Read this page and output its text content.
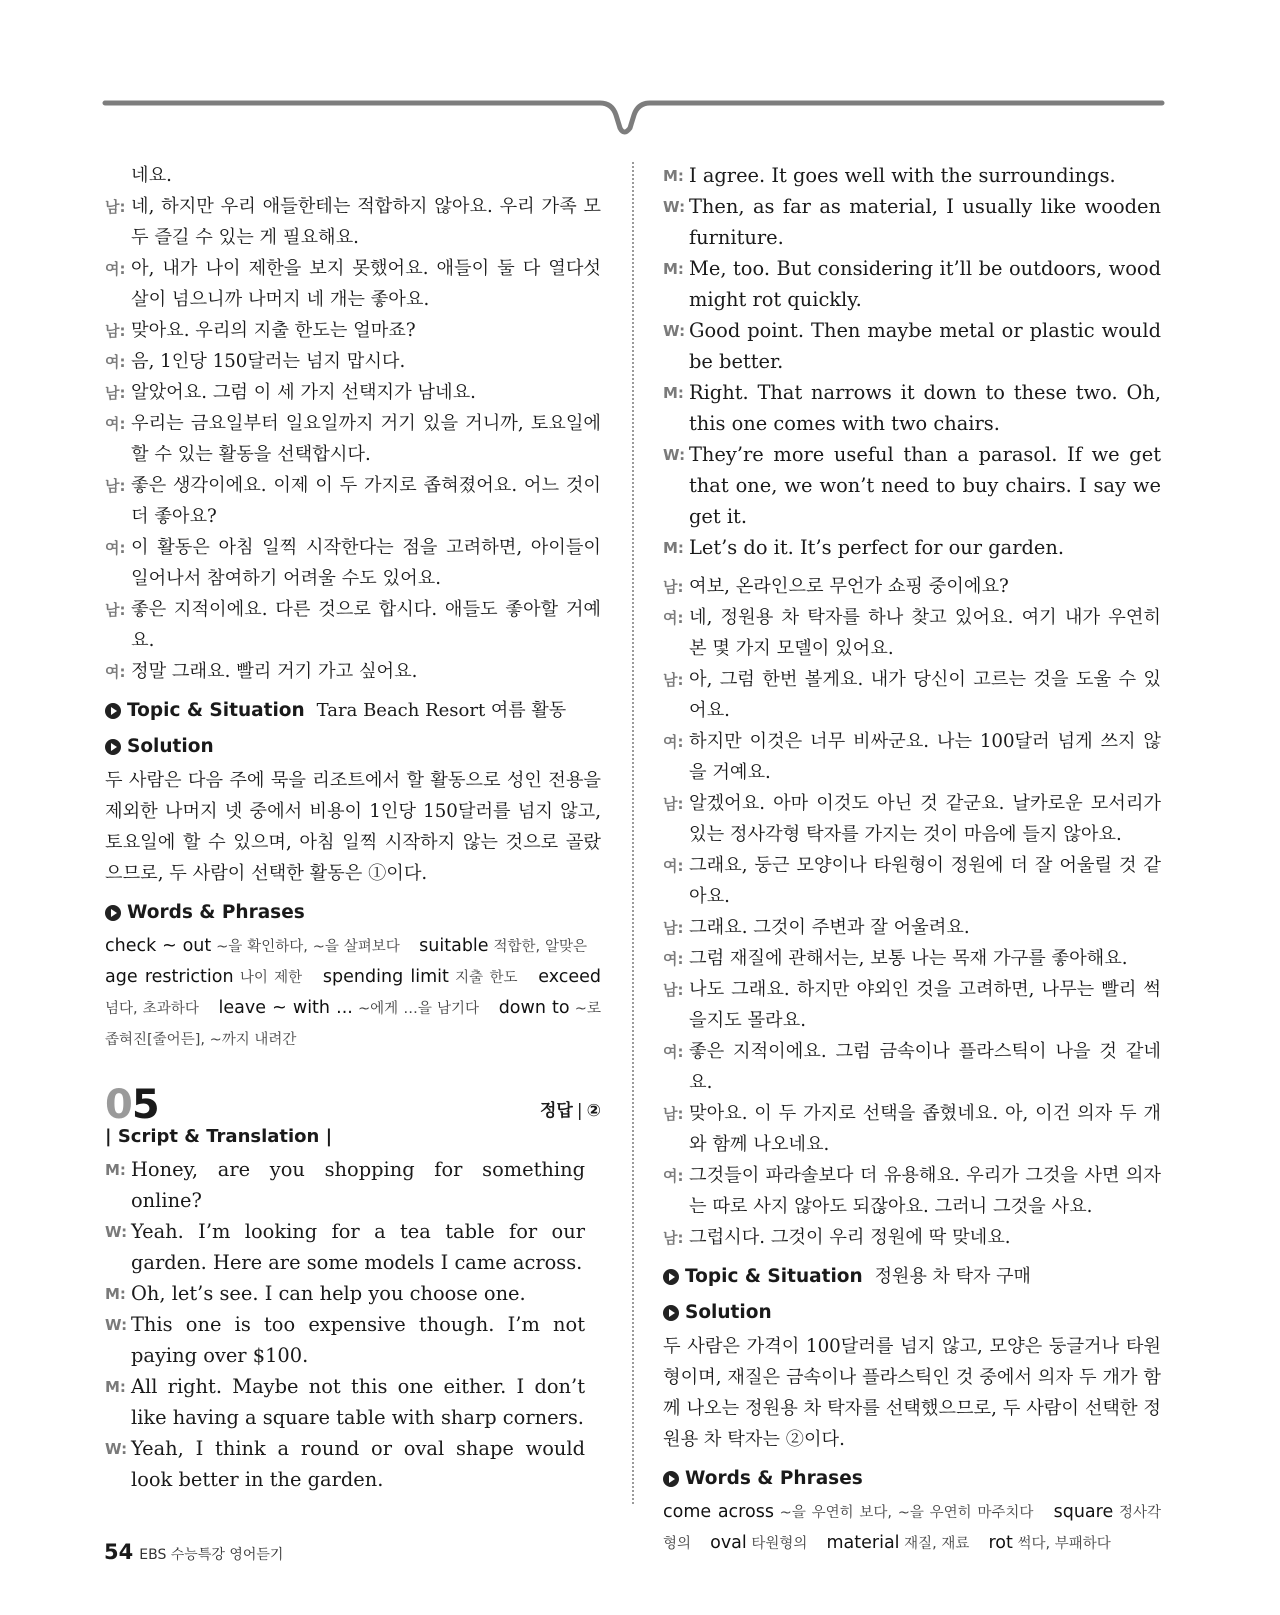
네요.
남: 네, 하지만 우리 애들한테는 적합하지 않아요. 우리 가족 모두 즐길 수 있는 게 필요해요.
여: 아, 내가 나이 제한을 보지 못했어요. 애들이 둘 다 열다섯 살이 넘으니까 나머지 네 개는 좋아요.
남: 맞아요. 우리의 지출 한도는 얼마죠?
여: 음, 1인당 150달러는 넘지 맙시다.
남: 알았어요. 그럼 이 세 가지 선택지가 남네요.
여: 우리는 금요일부터 일요일까지 거기 있을 거니까, 토요일에 할 수 있는 활동을 선택합시다.
남: 좋은 생각이에요. 이제 이 두 가지로 좁혀졌어요. 어느 것이 더 좋아요?
여: 이 활동은 아침 일찍 시작한다는 점을 고려하면, 아이들이 일어나서 참여하기 어려울 수도 있어요.
남: 좋은 지적이에요. 다른 것으로 합시다. 애들도 좋아할 거예요.
여: 정말 그래요. 빨리 거기 가고 싶어요.
Topic & Situation Tara Beach Resort 여름 활동
Solution
두 사람은 다음 주에 묵을 리조트에서 할 활동으로 성인 전용을 제외한 나머지 넷 중에서 비용이 1인당 150달러를 넘지 않고, 토요일에 할 수 있으며, 아침 일찍 시작하지 않는 것으로 골랐으므로, 두 사람이 선택한 활동은 ①이다.
Words & Phrases
check ~ out ~을 확인하다, ~을 살펴보다 suitable 적합한, 알맞은 age restriction 나이 제한 spending limit 지출 한도 exceed 넘다, 초과하다 leave ~ with ... ~에게 …을 남기다 down to ~로 좁혀진[줄어든], ~까지 내려간
05	정답 | ②
| Script & Translation |
M: Honey, are you shopping for something online?
W: Yeah. I’m looking for a tea table for our garden. Here are some models I came across.
M: Oh, let’s see. I can help you choose one.
W: This one is too expensive though. I’m not paying over $100.
M: All right. Maybe not this one either. I don’t like having a square table with sharp corners.
W: Yeah, I think a round or oval shape would look better in the garden.
M: I agree. It goes well with the surroundings.
W: Then, as far as material, I usually like wooden furniture.
M: Me, too. But considering it’ll be outdoors, wood might rot quickly.
W: Good point. Then maybe metal or plastic would be better.
M: Right. That narrows it down to these two. Oh, this one comes with two chairs.
W: They’re more useful than a parasol. If we get that one, we won’t need to buy chairs. I say we get it.
M: Let’s do it. It’s perfect for our garden.
남: 여보, 온라인으로 무언가 쇼핑 중이에요?
여: 네, 정원용 차 탁자를 하나 찾고 있어요. 여기 내가 우연히 본 몇 가지 모델이 있어요.
남: 아, 그럼 한번 볼게요. 내가 당신이 고르는 것을 도울 수 있어요.
여: 하지만 이것은 너무 비싸군요. 나는 100달러 넘게 쓰지 않을 거예요.
남: 알겠어요. 아마 이것도 아닌 것 같군요. 날카로운 모서리가 있는 정사각형 탁자를 가지는 것이 마음에 들지 않아요.
여: 그래요, 둥근 모양이나 타원형이 정원에 더 잘 어울릴 것 같아요.
남: 그래요. 그것이 주변과 잘 어울려요.
여: 그럼 재질에 관해서는, 보통 나는 목재 가구를 좋아해요.
남: 나도 그래요. 하지만 야외인 것을 고려하면, 나무는 빨리 썩을지도 몰라요.
여: 좋은 지적이에요. 그럼 금속이나 플라스틱이 나을 것 같네요.
남: 맞아요. 이 두 가지로 선택을 좁혔네요. 아, 이건 의자 두 개와 함께 나오네요.
여: 그것들이 파라솔보다 더 유용해요. 우리가 그것을 사면 의자는 따로 사지 않아도 되잖아요. 그러니 그것을 사요.
남: 그럽시다. 그것이 우리 정원에 딱 맞네요.
Topic & Situation 정원용 차 탁자 구매
Solution
두 사람은 가격이 100달러를 넘지 않고, 모양은 둥글거나 타원형이며, 재질은 금속이나 플라스틱인 것 중에서 의자 두 개가 함께 나오는 정원용 차 탁자를 선택했으므로, 두 사람이 선택한 정원용 차 탁자는 ②이다.
Words & Phrases
come across ~을 우연히 보다, ~을 우연히 마주치다 square 정사각형의 oval 타원형의 material 재질, 재료 rot 썩다, 부패하다
54 EBS 수능특강 영어듣기
